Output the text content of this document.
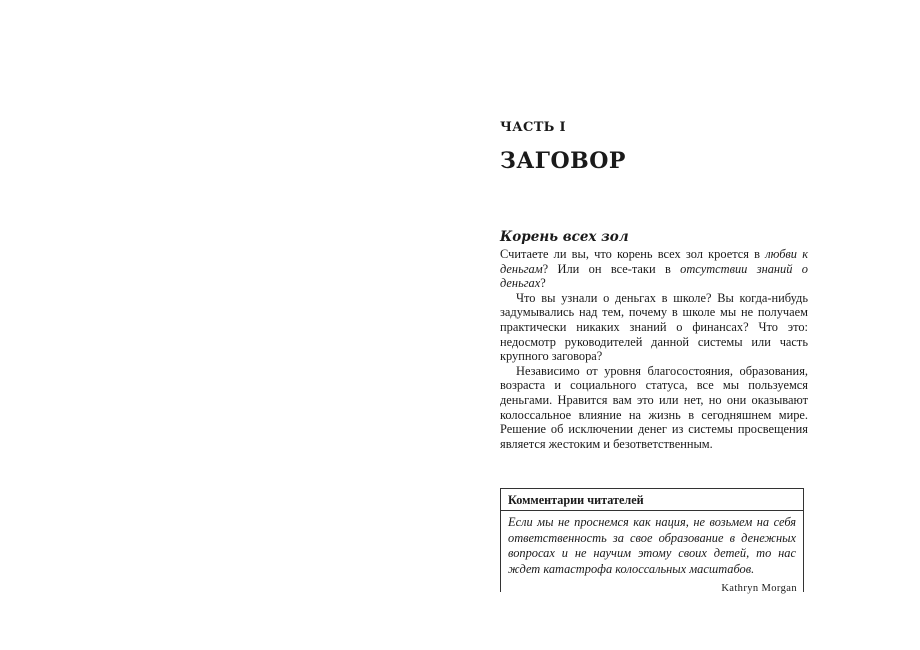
ЧАСТЬ I

ЗАГОВОР
Корень всех зол

Считаете ли вы, что корень всех зол кроется в любви к деньгам? Или он все-таки в отсутствии знаний о деньгах?

Что вы узнали о деньгах в школе? Вы когда-нибудь задумывались над тем, почему в школе мы не получаем практически никаких знаний о финансах? Что это: недосмотр руководителей данной системы или часть крупного заговора?

Независимо от уровня благосостояния, образования, возраста и социального статуса, все мы пользуемся деньгами. Нравится вам это или нет, но они оказывают колоссальное влияние на жизнь в сегодняшнем мире. Решение об исключении денег из системы просвещения является жестоким и безответственным.

Комментарии читателей

Если мы не проснемся как нация, не возьмем на себя ответственность за свое образование в денежных вопросах и не научим этому своих детей, то нас ждет катастрофа колоссальных масштабов.

Kathryn Morgan
